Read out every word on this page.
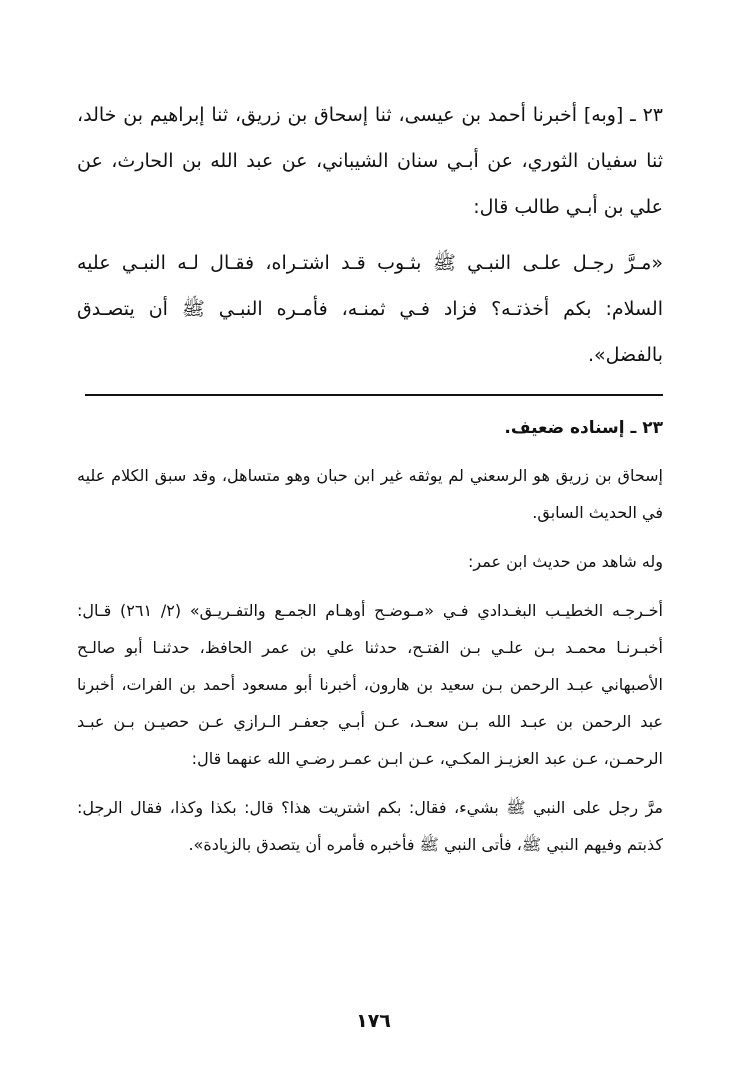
٢٣ ـ [وبه] أخبرنا أحمد بن عيسى، ثنا إسحاق بن زريق، ثنا إبراهيم بن خالد، ثنا سفيان الثوري، عن أبـي سنان الشيباني، عن عبد الله بن الحارث، عن علي بن أبـي طالب قال:

«مـرَّ رجـل علـى النبـي ﷺ بثـوب قـد اشتـراه، فقـال لـه النبـي عليه السلام: بكم أخذتـه؟ فزاد فـي ثمنـه، فأمـره النبـي ﷺ أن يتصـدق بالفضل».

٢٣ ـ إسناده ضعيف.

إسحاق بن زريق هو الرسعني لم يوثقه غير ابن حبان وهو متساهل، وقد سبق الكلام عليه في الحديث السابق.

وله شاهد من حديث ابن عمر:

أخـرجـه الخطيـب البغـدادي فـي «مـوضـح أوهـام الجمـع والتفـريـق» (٢/ ٢٦١) قـال: أخبـرنـا محمـد بـن علـي بـن الفتـح، حدثنا علي بن عمر الحافظ، حدثنـا أبو صالـح الأصبهاني عبـد الرحمن بـن سعيد بن هارون، أخبرنا أبو مسعود أحمد بن الفرات، أخبرنا عبد الرحمن بن عبـد الله بـن سعـد، عـن أبـي جعفـر الـرازي عـن حصيـن بـن عبـد الرحمـن، عـن عبد العزيـز المكـي، عـن ابـن عمـر رضـي الله عنهما قال:

مرَّ رجل على النبي ﷺ بشيء، فقال: بكم اشتريت هذا؟ قال: بكذا وكذا، فقال الرجل: كذبتم وفيهم النبي ﷺ، فأتى النبي ﷺ فأخبره فأمره أن يتصدق بالزيادة».

١٧٦
